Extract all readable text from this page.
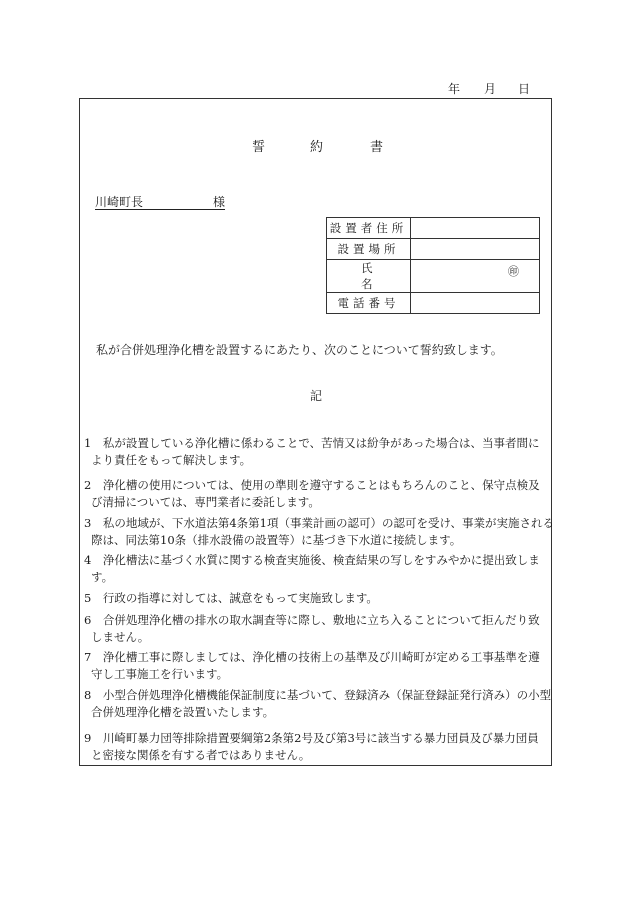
年 月 日
誓	約	書
川崎町長	様
設置者住所	
設置場所	
氏名	㊞

電話番号	
私が合併処理浄化槽を設置するにあたり、次のことについて誓約致します。
記
1　私が設置している浄化槽に係わることで、苦情又は紛争があった場合は、当事者間に
より責任をもって解決します。
2　浄化槽の使用については、使用の準則を遵守することはもちろんのこと、保守点検及
び清掃については、専門業者に委託します。
3　私の地域が、下水道法第4条第1項（事業計画の認可）の認可を受け、事業が実施される
際は、同法第10条（排水設備の設置等）に基づき下水道に接続します。
4　浄化槽法に基づく水質に関する検査実施後、検査結果の写しをすみやかに提出致しま
す。
5　行政の指導に対しては、誠意をもって実施致します。
6　合併処理浄化槽の排水の取水調査等に際し、敷地に立ち入ることについて拒んだり致
しません。
7　浄化槽工事に際しましては、浄化槽の技術上の基準及び川崎町が定める工事基準を遵
守し工事施工を行います。
8　小型合併処理浄化槽機能保証制度に基づいて、登録済み（保証登録証発行済み）の小型
合併処理浄化槽を設置いたします。
9　川崎町暴力団等排除措置要綱第2条第2号及び第3号に該当する暴力団員及び暴力団員
と密接な関係を有する者ではありません。
